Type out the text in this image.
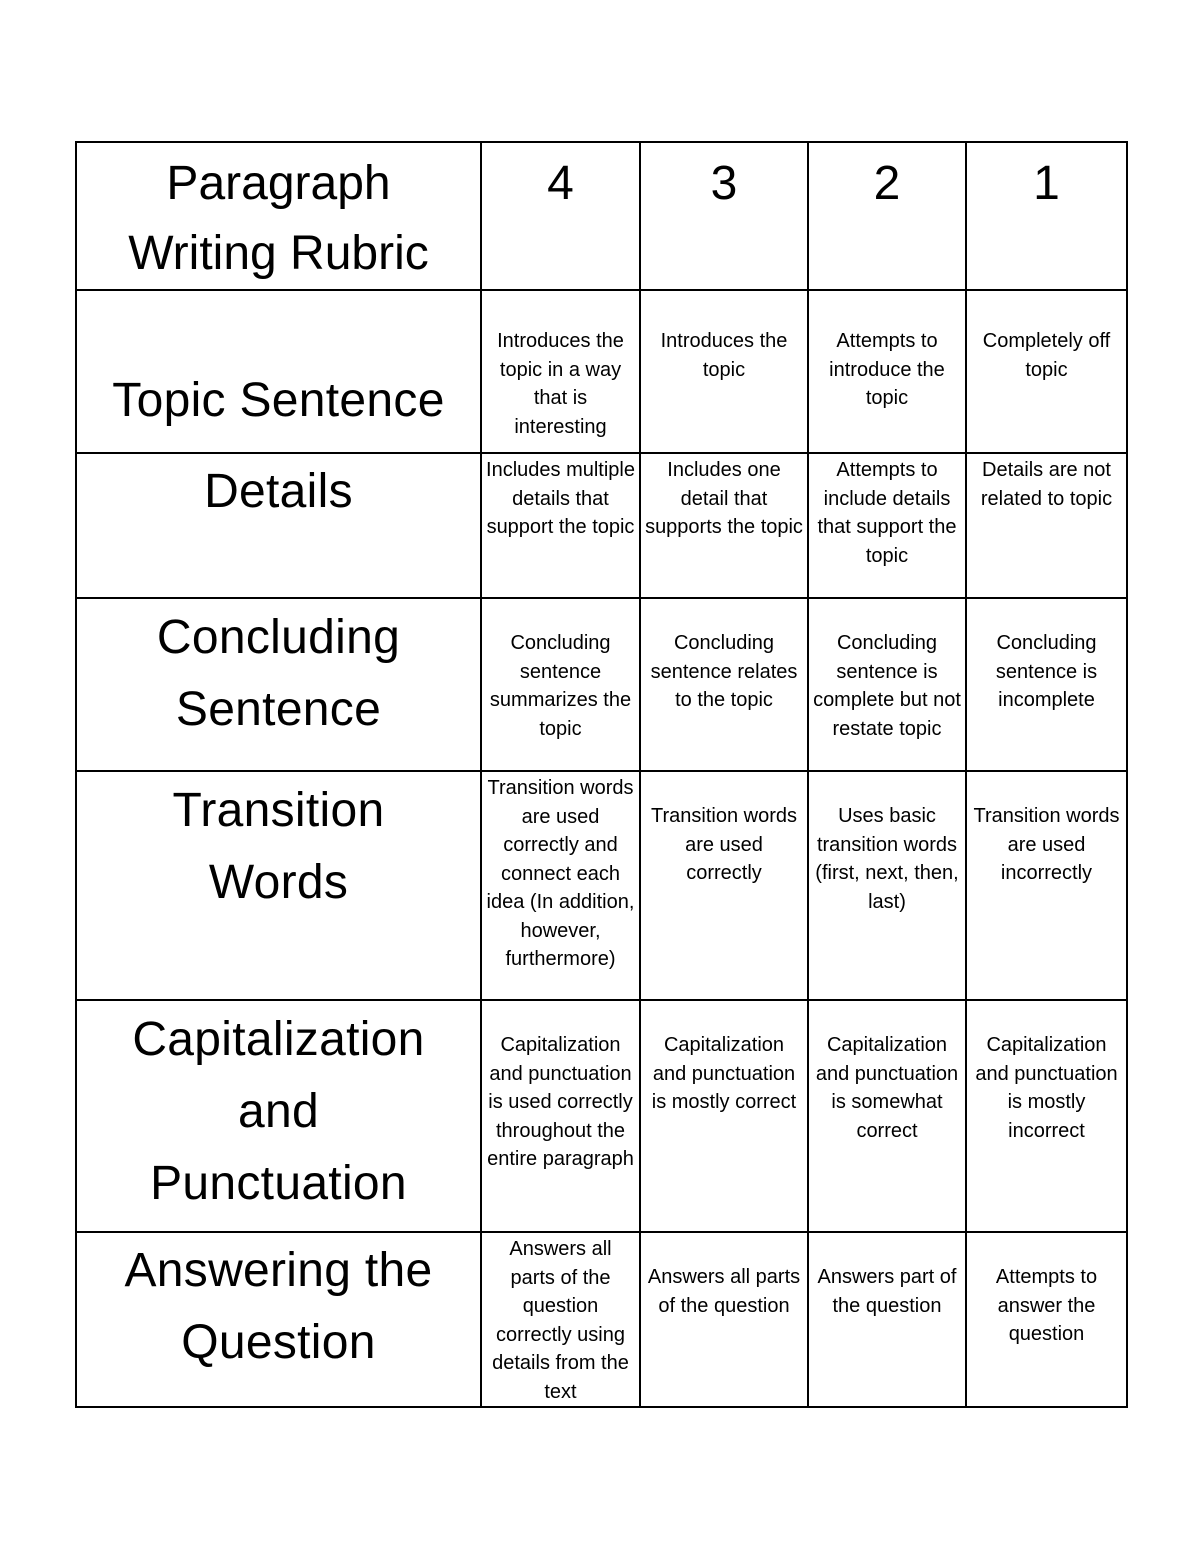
Paragraph
Writing Rubric	4	3	2	1

Topic Sentence	Introduces the topic in a way that is interesting	Introduces the topic	Attempts to introduce the topic	Completely off topic

Details	Includes multiple details that support the topic	Includes one detail that supports the topic	Attempts to include details that support the topic	Details are not related to topic

Concluding
Sentence	Concluding sentence summarizes the topic	Concluding sentence relates to the topic	Concluding sentence is complete but not restate topic	Concluding sentence is incomplete

Transition
Words	Transition words are used correctly and connect each idea (In addition, however, furthermore)	Transition words are used correctly	Uses basic transition words (first, next, then, last)	Transition words are used incorrectly

Capitalization
and
Punctuation	Capitalization and punctuation is used correctly throughout the entire paragraph	Capitalization and punctuation is mostly correct	Capitalization and punctuation is somewhat correct	Capitalization and punctuation is mostly incorrect

Answering the
Question	Answers all parts of the question correctly using details from the text	Answers all parts of the question	Answers part of the question	Attempts to answer the question
